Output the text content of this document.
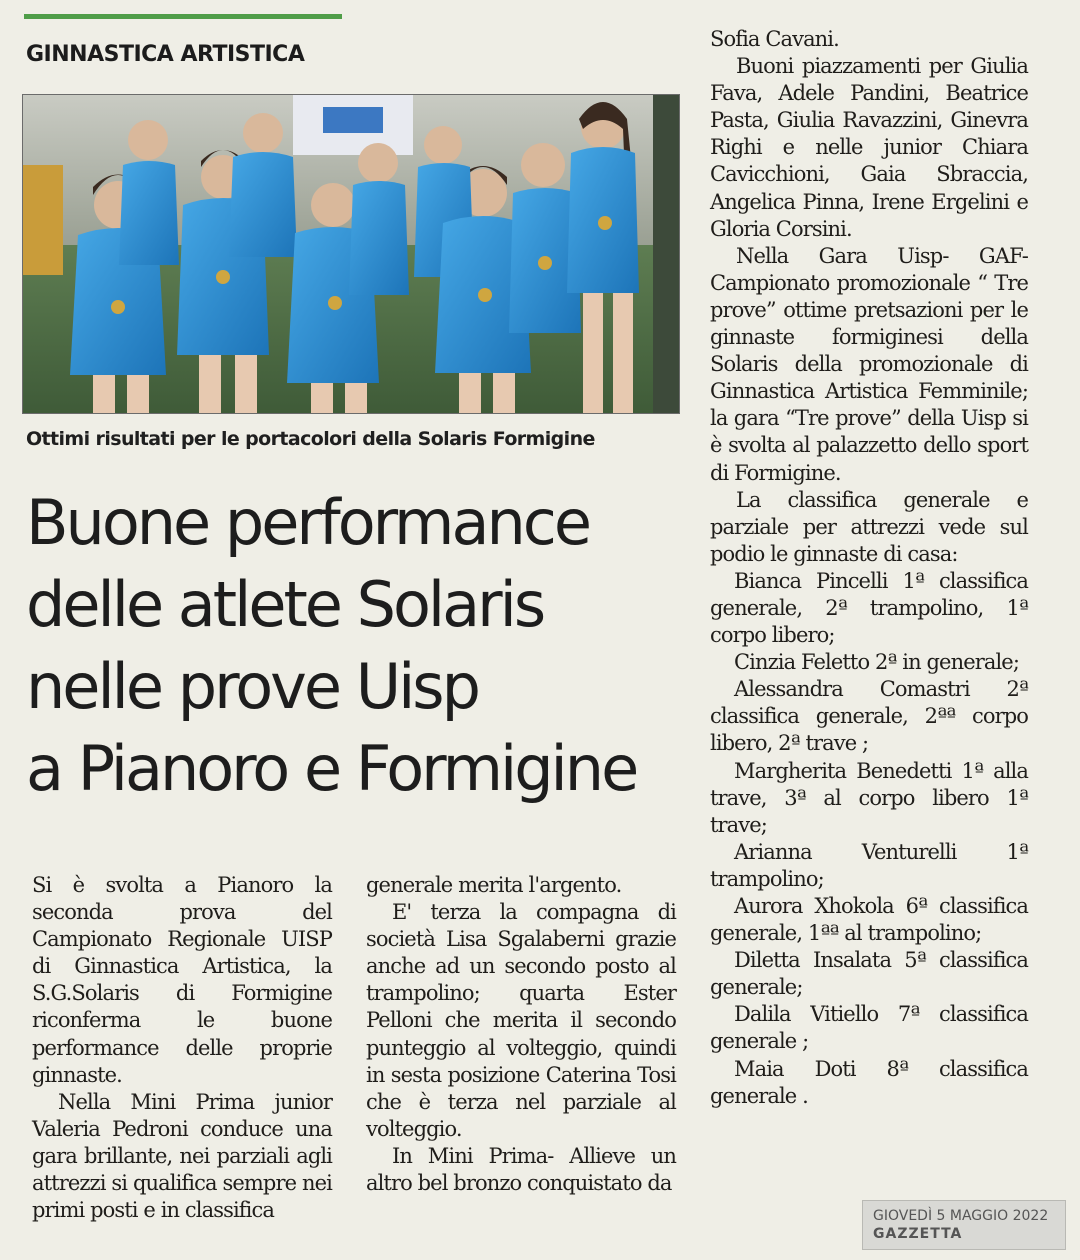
GINNASTICA ARTISTICA
Ottimi risultati per le portacolori della Solaris Formigine
Buone performance
delle atlete Solaris
nelle prove Uisp
a Pianoro e Formigine

Si è svolta a Pianoro la seconda prova del Campionato Regionale UISP di Ginnastica Artistica, la S.G.Solaris di Formigine riconferma le buone performance delle proprie ginnaste.

Nella Mini Prima junior Valeria Pedroni conduce una gara brillante, nei parziali agli attrezzi si qualifica sempre nei primi posti e in classifica

generale merita l'argento.

E' terza la compagna di società Lisa Sgalaberni grazie anche ad un secondo posto al trampolino; quarta Ester Pelloni che merita il secondo punteggio al volteggio, quindi in sesta posizione Caterina Tosi che è terza nel parziale al volteggio.

In Mini Prima- Allieve un altro bel bronzo conquistato da

Sofia Cavani.

Buoni piazzamenti per Giulia Fava, Adele Pandini, Beatrice Pasta, Giulia Ravazzini, Ginevra Righi e nelle junior Chiara Cavicchioni, Gaia Sbraccia, Angelica Pinna, Irene Ergelini e Gloria Corsini.

Nella Gara Uisp- GAF- Campionato promozionale “ Tre prove” ottime pretsazioni per le ginnaste formiginesi della Solaris della promozionale di Ginnastica Artistica Femminile; la gara “Tre prove” della Uisp si è svolta al palazzetto dello sport di Formigine.

La classifica generale e parziale per attrezzi vede sul podio le ginnaste di casa:

Bianca Pincelli 1ª classifica generale, 2ª trampolino, 1ª corpo libero;

Cinzia Feletto 2ª in generale;

Alessandra Comastri 2ª classifica generale, 2ªª corpo libero, 2ª trave ;

Margherita Benedetti 1ª alla trave, 3ª al corpo libero 1ª trave;

Arianna Venturelli 1ª trampolino;

Aurora Xhokola 6ª classifica generale, 1ªª al trampolino;

Diletta Insalata 5ª classifica generale;

Dalila Vitiello 7ª classifica generale ;

Maia Doti 8ª classifica generale .

GIOVEDÌ 5 MAGGIO 2022
GAZZETTA
